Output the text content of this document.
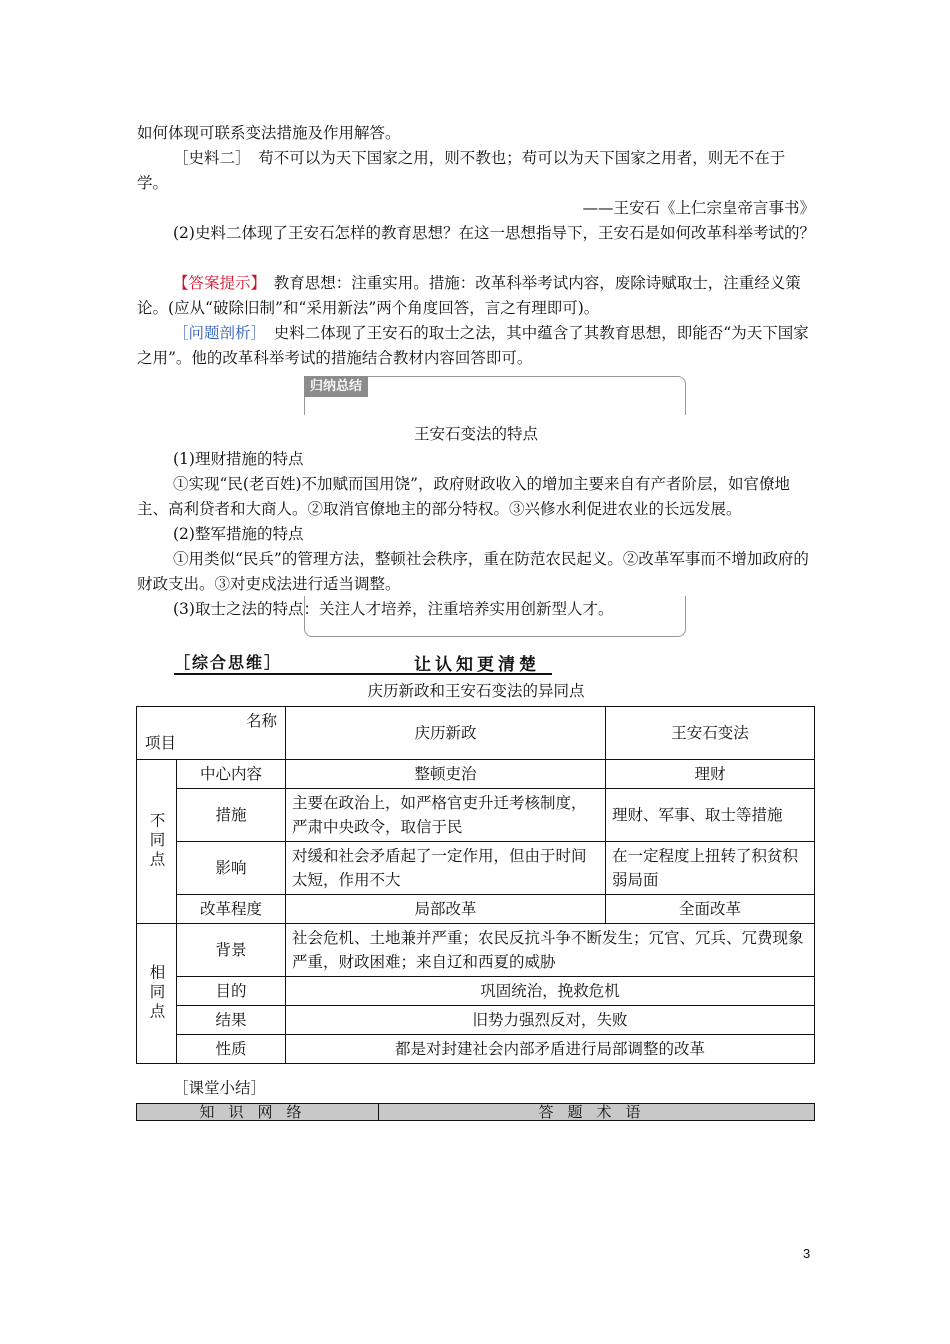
如何体现可联系变法措施及作用解答。

［史料二］　 苟不可以为天下国家之用，则不教也；苟可以为天下国家之用者，则无不在于学。

——王安石《上仁宗皇帝言事书》

(2)史料二体现了王安石怎样的教育思想？在这一思想指导下，王安石是如何改革科举考试的？

【答案提示】　 教育思想：注重实用。措施：改革科举考试内容，废除诗赋取士，注重经义策论。(应从“破除旧制”和“采用新法”两个角度回答，言之有理即可)。

［问题剖析］　 史料二体现了王安石的取士之法，其中蕴含了其教育思想，即能否“为天下国家之用”。他的改革科举考试的措施结合教材内容回答即可。

归纳总结

王安石变法的特点

(1)理财措施的特点

①实现“民(老百姓)不加赋而国用饶”，政府财政收入的增加主要来自有产者阶层，如官僚地主、高利贷者和大商人。②取消官僚地主的部分特权。③兴修水利促进农业的长远发展。

(2)整军措施的特点

①用类似“民兵”的管理方法，整顿社会秩序，重在防范农民起义。②改革军事而不增加政府的财政支出。③对吏戍法进行适当调整。

(3)取士之法的特点：关注人才培养，注重培养实用创新型人才。

［综合思维］	让认知更清楚

庆历新政和王安石变法的异同点

名称
项目		庆历新政	王安石变法
不同点	中心内容	整顿吏治	理财
	措施	主要在政治上，如严格官吏升迁考核制度，严肃中央政令，取信于民	理财、军事、取士等措施
	影响	对缓和社会矛盾起了一定作用，但由于时间太短，作用不大	在一定程度上扭转了积贫积弱局面
	改革程度	局部改革	全面改革
相同点	背景	社会危机、土地兼并严重；农民反抗斗争不断发生；冗官、冗兵、冗费现象严重，财政困难；来自辽和西夏的威胁	
	目的	巩固统治，挽救危机	
	结果	旧势力强烈反对，失败	
	性质	都是对封建社会内部矛盾进行局部调整的改革	

［课堂小结］

知识网络	答题术语
3
